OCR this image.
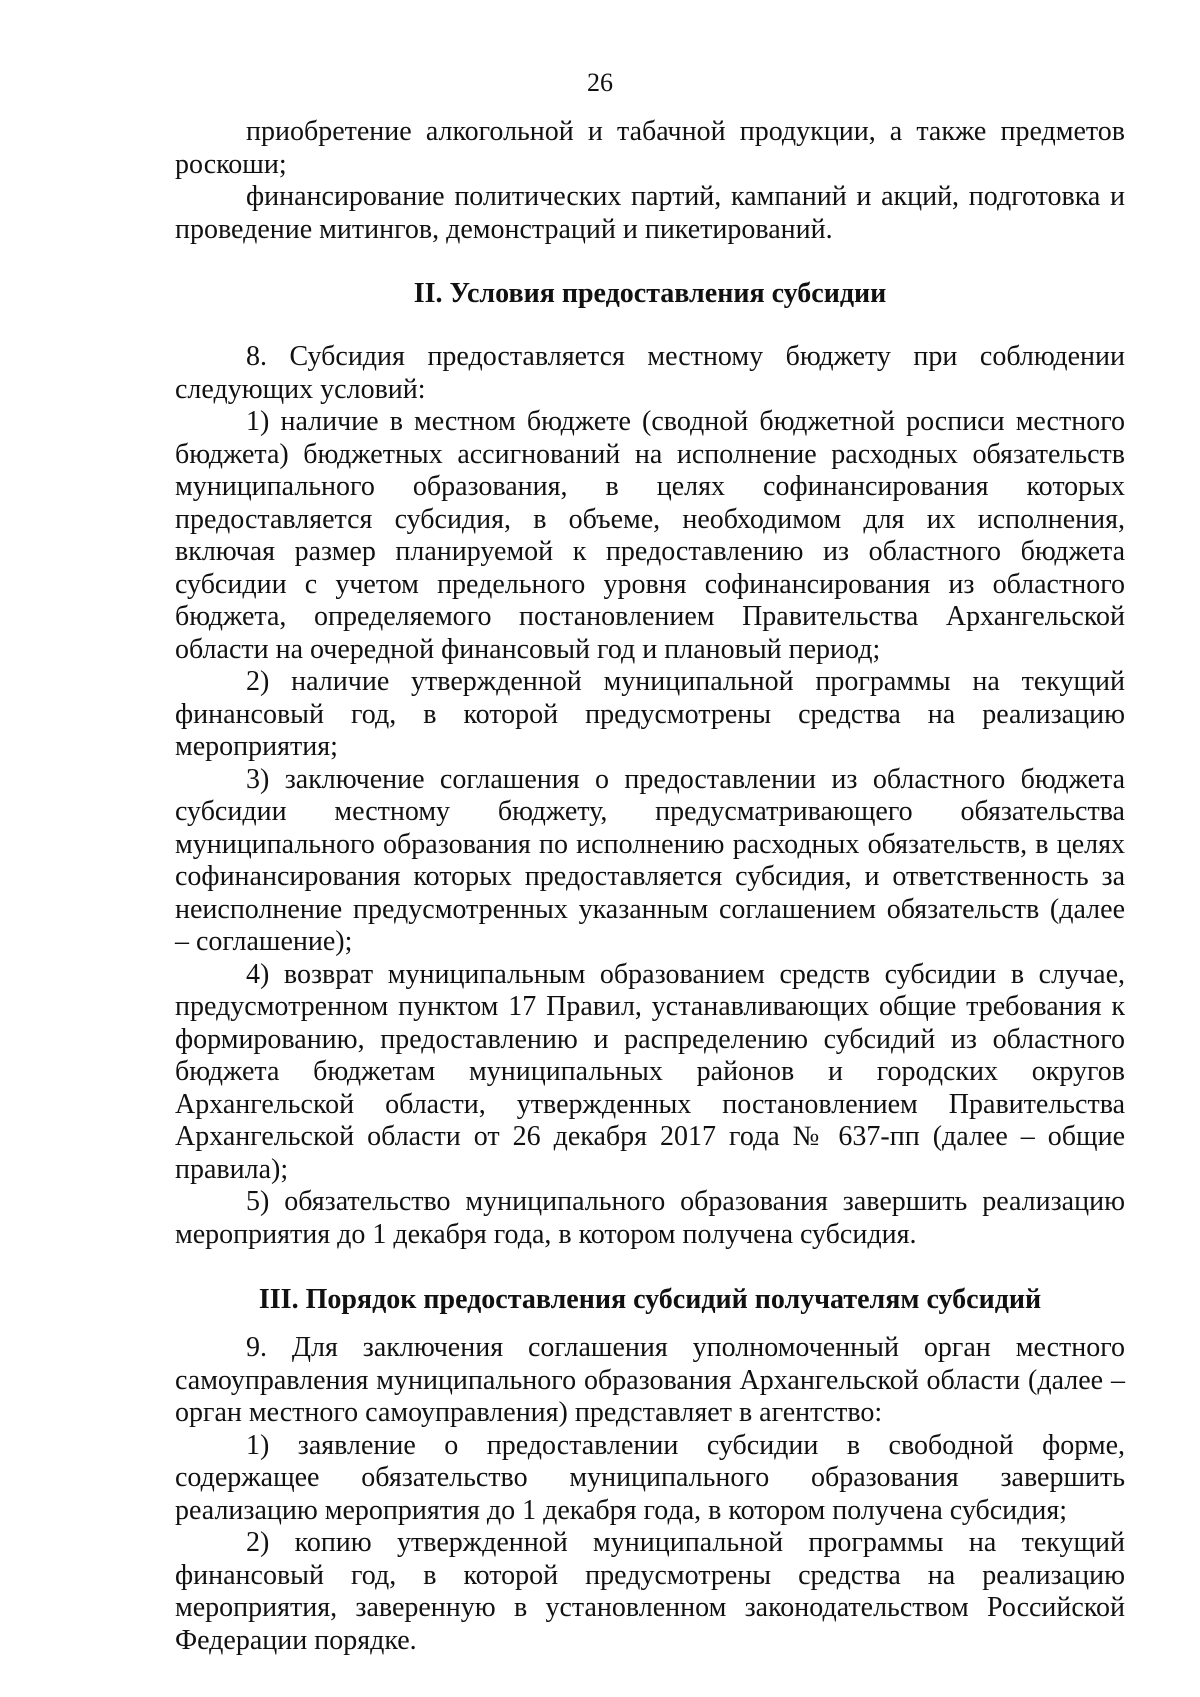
26

приобретение алкогольной и табачной продукции, а также предметов роскоши;

финансирование политических партий, кампаний и акций, подготовка и проведение митингов, демонстраций и пикетирований.

II. Условия предоставления субсидии

8. Субсидия предоставляется местному бюджету при соблюдении следующих условий:

1) наличие в местном бюджете (сводной бюджетной росписи местного бюджета) бюджетных ассигнований на исполнение расходных обязательств муниципального образования, в целях софинансирования которых предоставляется субсидия, в объеме, необходимом для их исполнения, включая размер планируемой к предоставлению из областного бюджета субсидии с учетом предельного уровня софинансирования из областного бюджета, определяемого постановлением Правительства Архангельской области на очередной финансовый год и плановый период;

2) наличие утвержденной муниципальной программы на текущий финансовый год, в которой предусмотрены средства на реализацию мероприятия;

3) заключение соглашения о предоставлении из областного бюджета субсидии местному бюджету, предусматривающего обязательства муниципального образования по исполнению расходных обязательств, в целях софинансирования которых предоставляется субсидия, и ответственность за неисполнение предусмотренных указанным соглашением обязательств (далее – соглашение);

4) возврат муниципальным образованием средств субсидии в случае, предусмотренном пунктом 17 Правил, устанавливающих общие требования к формированию, предоставлению и распределению субсидий из областного бюджета бюджетам муниципальных районов и городских округов Архангельской области, утвержденных постановлением Правительства Архангельской области от 26 декабря 2017 года № 637-пп (далее – общие правила);

5) обязательство муниципального образования завершить реализацию мероприятия до 1 декабря года, в котором получена субсидия.

III. Порядок предоставления субсидий получателям субсидий

9. Для заключения соглашения уполномоченный орган местного самоуправления муниципального образования Архангельской области (далее – орган местного самоуправления) представляет в агентство:

1) заявление о предоставлении субсидии в свободной форме, содержащее обязательство муниципального образования завершить реализацию мероприятия до 1 декабря года, в котором получена субсидия;

2) копию утвержденной муниципальной программы на текущий финансовый год, в которой предусмотрены средства на реализацию мероприятия, заверенную в установленном законодательством Российской Федерации порядке.
